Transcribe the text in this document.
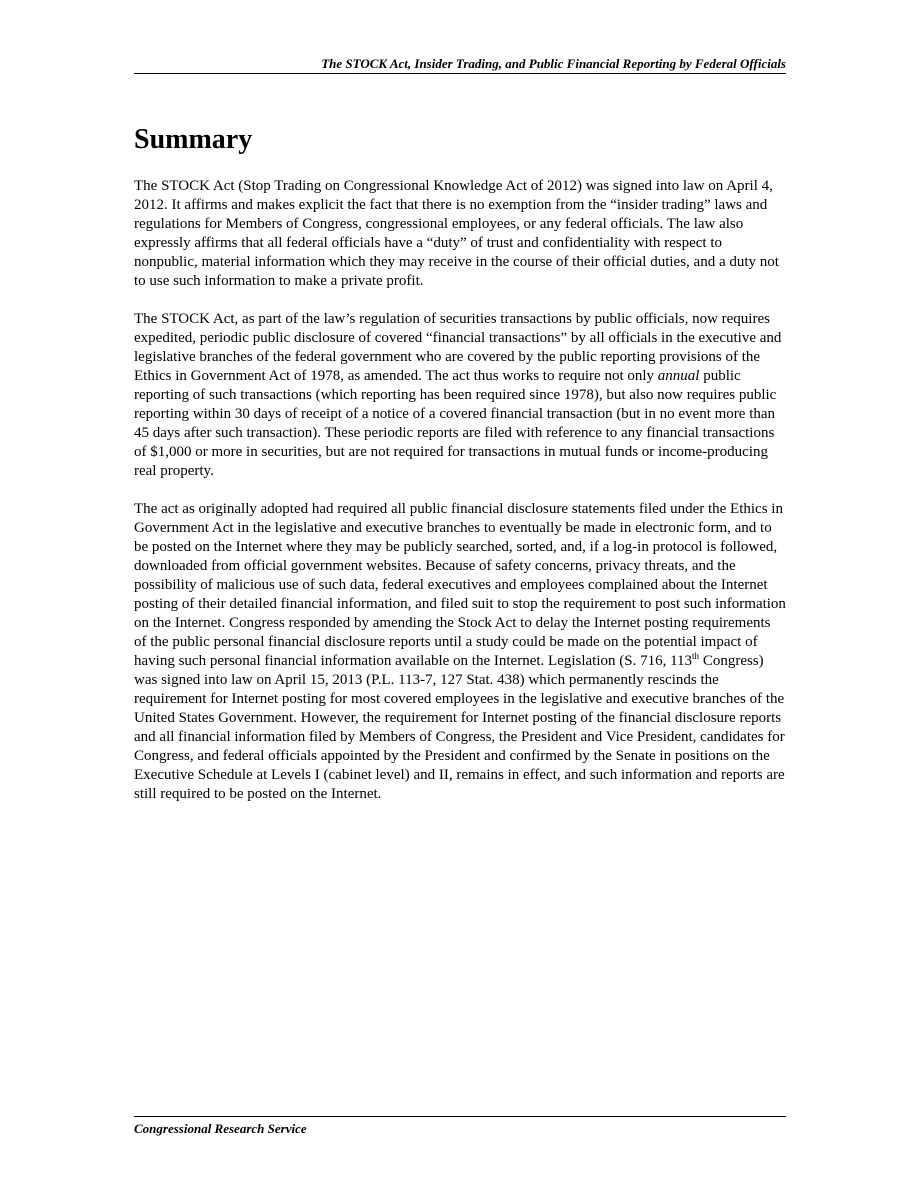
The STOCK Act, Insider Trading, and Public Financial Reporting by Federal Officials
Summary

The STOCK Act (Stop Trading on Congressional Knowledge Act of 2012) was signed into law on April 4, 2012. It affirms and makes explicit the fact that there is no exemption from the “insider trading” laws and regulations for Members of Congress, congressional employees, or any federal officials. The law also expressly affirms that all federal officials have a “duty” of trust and confidentiality with respect to nonpublic, material information which they may receive in the course of their official duties, and a duty not to use such information to make a private profit.

The STOCK Act, as part of the law’s regulation of securities transactions by public officials, now requires expedited, periodic public disclosure of covered “financial transactions” by all officials in the executive and legislative branches of the federal government who are covered by the public reporting provisions of the Ethics in Government Act of 1978, as amended. The act thus works to require not only annual public reporting of such transactions (which reporting has been required since 1978), but also now requires public reporting within 30 days of receipt of a notice of a covered financial transaction (but in no event more than 45 days after such transaction). These periodic reports are filed with reference to any financial transactions of $1,000 or more in securities, but are not required for transactions in mutual funds or income-producing real property.

The act as originally adopted had required all public financial disclosure statements filed under the Ethics in Government Act in the legislative and executive branches to eventually be made in electronic form, and to be posted on the Internet where they may be publicly searched, sorted, and, if a log-in protocol is followed, downloaded from official government websites. Because of safety concerns, privacy threats, and the possibility of malicious use of such data, federal executives and employees complained about the Internet posting of their detailed financial information, and filed suit to stop the requirement to post such information on the Internet. Congress responded by amending the Stock Act to delay the Internet posting requirements of the public personal financial disclosure reports until a study could be made on the potential impact of having such personal financial information available on the Internet. Legislation (S. 716, 113th Congress) was signed into law on April 15, 2013 (P.L. 113-7, 127 Stat. 438) which permanently rescinds the requirement for Internet posting for most covered employees in the legislative and executive branches of the United States Government. However, the requirement for Internet posting of the financial disclosure reports and all financial information filed by Members of Congress, the President and Vice President, candidates for Congress, and federal officials appointed by the President and confirmed by the Senate in positions on the Executive Schedule at Levels I (cabinet level) and II, remains in effect, and such information and reports are still required to be posted on the Internet.

Congressional Research Service
